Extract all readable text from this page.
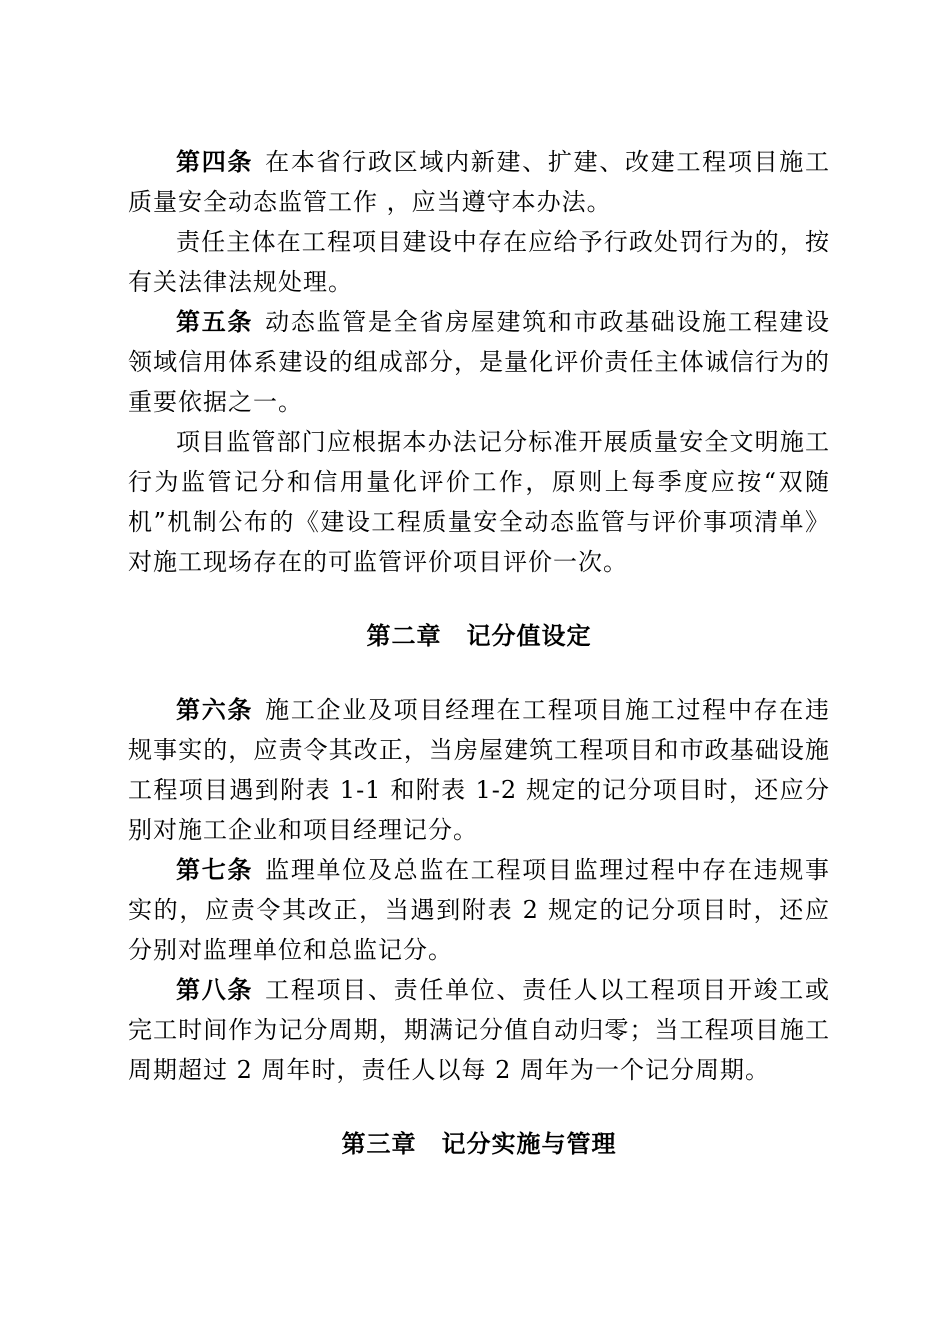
第四条 在本省行政区域内新建、扩建、改建工程项目施工质量安全动态监管工作 ，应当遵守本办法。

责任主体在工程项目建设中存在应给予行政处罚行为的，按有关法律法规处理。

第五条 动态监管是全省房屋建筑和市政基础设施工程建设领域信用体系建设的组成部分，是量化评价责任主体诚信行为的重要依据之一。

项目监管部门应根据本办法记分标准开展质量安全文明施工行为监管记分和信用量化评价工作，原则上每季度应按“双随机”机制公布的《建设工程质量安全动态监管与评价事项清单》对施工现场存在的可监管评价项目评价一次。

第二章　记分值设定

第六条 施工企业及项目经理在工程项目施工过程中存在违规事实的，应责令其改正，当房屋建筑工程项目和市政基础设施工程项目遇到附表 1-1 和附表 1-2 规定的记分项目时，还应分别对施工企业和项目经理记分。

第七条 监理单位及总监在工程项目监理过程中存在违规事实的，应责令其改正，当遇到附表 2 规定的记分项目时，还应分别对监理单位和总监记分。

第八条 工程项目、责任单位、责任人以工程项目开竣工或完工时间作为记分周期，期满记分值自动归零；当工程项目施工周期超过 2 周年时，责任人以每 2 周年为一个记分周期。

第三章　记分实施与管理
